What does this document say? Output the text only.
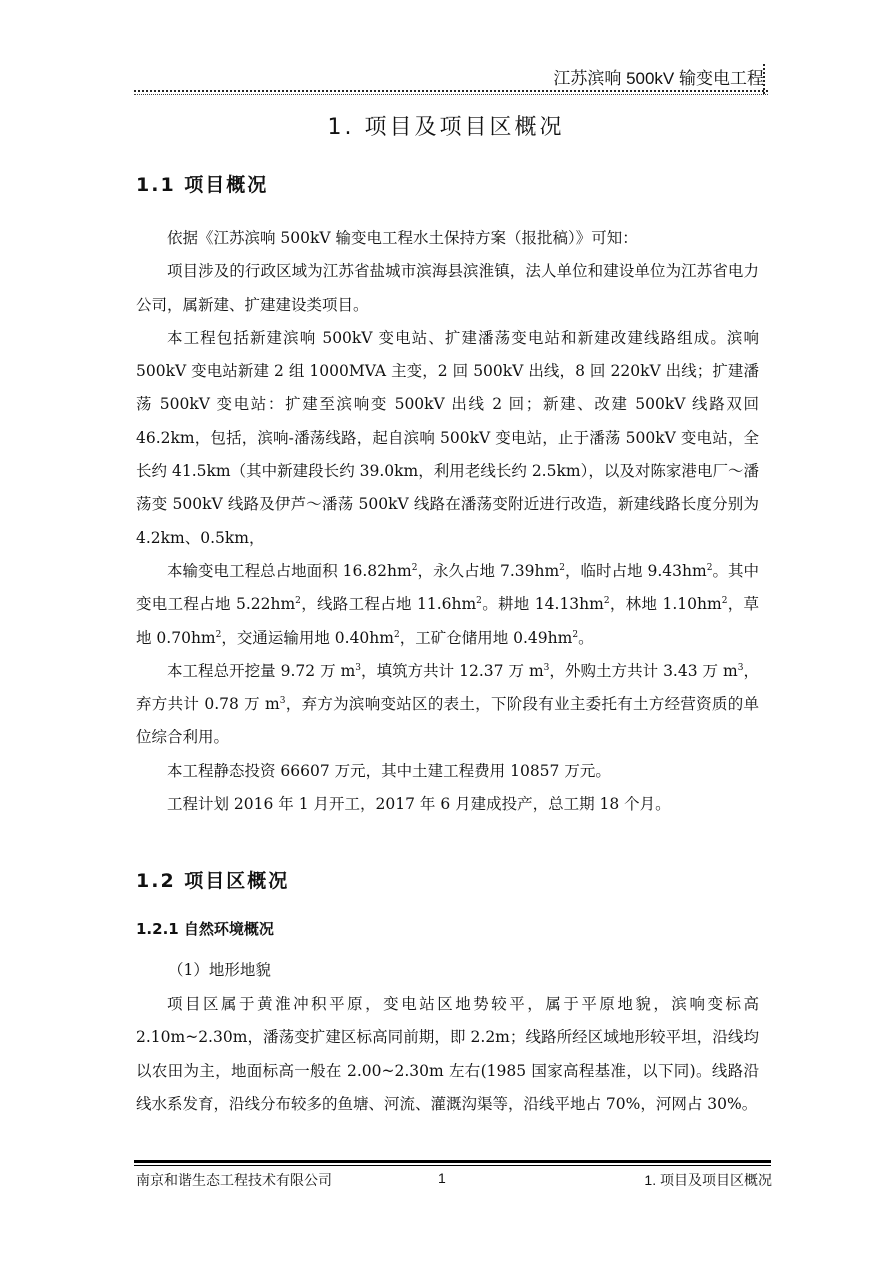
江苏滨响 500kV 输变电工程
1. 项目及项目区概况
1.1 项目概况

依据《江苏滨响 500kV 输变电工程水土保持方案（报批稿）》可知：

项目涉及的行政区域为江苏省盐城市滨海县滨淮镇，法人单位和建设单位为江苏省电力公司，属新建、扩建建设类项目。

本工程包括新建滨响 500kV 变电站、扩建潘荡变电站和新建改建线路组成。滨响 500kV 变电站新建 2 组 1000MVA 主变，2 回 500kV 出线，8 回 220kV 出线；扩建潘荡 500kV 变电站：扩建至滨响变 500kV 出线 2 回；新建、改建 500kV 线路双回 46.2km，包括，滨响-潘荡线路，起自滨响 500kV 变电站，止于潘荡 500kV 变电站，全长约 41.5km（其中新建段长约 39.0km，利用老线长约 2.5km），以及对陈家港电厂～潘荡变 500kV 线路及伊芦～潘荡 500kV 线路在潘荡变附近进行改造，新建线路长度分别为 4.2km、0.5km，

本输变电工程总占地面积 $16.82hm^2$，永久占地 $7.39hm^2$，临时占地 $9.43hm^2$。其中变电工程占地 $5.22hm^2$，线路工程占地 $11.6hm^2$。耕地 $14.13hm^2$，林地 $1.10hm^2$，草地 $0.70hm^2$，交通运输用地 $0.40hm^2$，工矿仓储用地 $0.49hm^2$。

本工程总开挖量 9.72 万 $m^3$，填筑方共计 12.37 万 $m^3$，外购土方共计 3.43 万 $m^3$，弃方共计 0.78 万 $m^3$，弃方为滨响变站区的表土，下阶段有业主委托有土方经营资质的单位综合利用。

本工程静态投资 66607 万元，其中土建工程费用 10857 万元。

工程计划 2016 年 1 月开工，2017 年 6 月建成投产，总工期 18 个月。

1.2 项目区概况
1.2.1 自然环境概况
（1）地形地貌

项目区属于黄淮冲积平原，变电站区地势较平，属于平原地貌，滨响变标高 2.10m~2.30m，潘荡变扩建区标高同前期，即 2.2m；线路所经区域地形较平坦，沿线均以农田为主，地面标高一般在 2.00~2.30m 左右(1985 国家高程基准，以下同)。线路沿线水系发育，沿线分布较多的鱼塘、河流、灌溉沟渠等，沿线平地占 70%，河网占 30%。

南京和谐生态工程技术有限公司	1	1. 项目及项目区概况
